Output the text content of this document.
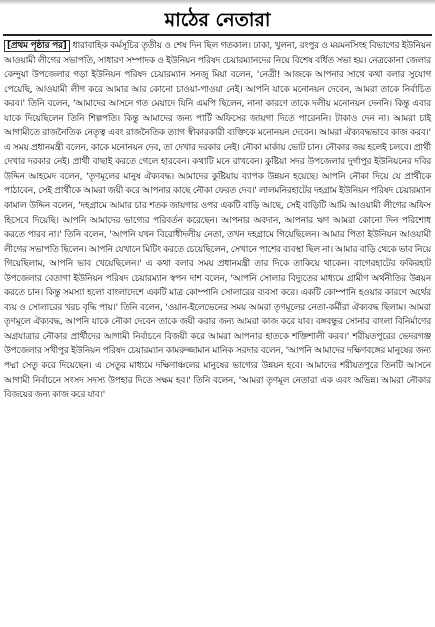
মাঠের নেতারা

[প্রথম পৃষ্ঠার পর] ধারাবাহিক কর্মসূচির তৃতীয় ও শেষ দিন ছিল গতকাল। ঢাকা, খুলনা, রংপুর ও ময়মনসিংহ বিভাগের ইউনিয়ন আওয়ামী লীগের সভাপতি, সাধারণ সম্পাদক ও ইউনিয়ন পরিষদ চেয়ারম্যানদের নিয়ে বিশেষ বর্ধিত সভা হয়। নেত্রকোনা জেলার কেন্দুয়া উপজেলার গড়া ইউনিয়ন পরিষদ চেয়ারম্যান সনজু মিয়া বলেন, 'নেত্রী! আজকে আপনার সাথে কথা বলার সুযোগ পেয়েছি, আওয়ামী লীগ করে আমার আর কোনো চাওয়া-পাওয়া নেই। আপনি যাকে মনোনয়ন দেবেন, আমরা তাকে নির্বাচিত করব।' তিনি বলেন, 'আমাদের আসনে গত মেয়াদে যিনি এমপি ছিলেন, নানা কারণে তাকে দলীয় মনোনয়ন দেননি। কিন্তু এবার যাকে দিয়েছিলেন তিনি শিল্পপতি। কিন্তু আমাদের জন্য পার্টি অফিসের জায়গা দিতে পারেননি। টাকাও দেন না। আমরা চাই আগামীতে রাজনৈতিক নেতৃত্ব এবং রাজনৈতিক ত্যাগ স্বীকারকারী ব্যক্তিকে মনোনয়ন দেবেন। আমরা ঐক্যবদ্ধভাবে কাজ করব।' এ সময় প্রধানমন্ত্রী বলেন, কাকে মনোনয়ন দেব, তা দেখার দরকার নেই। নৌকা মার্কায় ভোট চান। নৌকার জয় হলেই চলবে। প্রার্থী দেখার দরকার নেই। প্রার্থী বাছাই করতে গেলে হারবেন। কথাটি মনে রাখবেন। কুষ্টিয়া সদর উপজেলার দুর্গাপুর ইউনিয়নের দবির উদ্দিন আহমেদ বলেন, 'তৃণমূলের মানুষ ঐক্যবদ্ধ। আমাদের কুষ্টিয়ায় ব্যাপক উন্নয়ন হয়েছে। আপনি নৌকা দিয়ে যে প্রার্থীকে পাঠাবেন, সেই প্রার্থীকে আমরা জয়ী করে আপনার কাছে নৌকা ফেরত দেব।' লালমনিরহাটের দহগ্রাম ইউনিয়ন পরিষদ চেয়ারম্যান কামাল উদ্দিন বলেন, 'দহগ্রামে আমার চার শতক জায়গার ওপর একটি বাড়ি আছে, সেই বাড়িটি আমি আওয়ামী লীগের অফিস হিসেবে দিয়েছি। আপনি আমাদের ভাগ্যের পরিবর্তন করেছেন। আপনার অবদান, আপনার ঋণ আমরা কোনো দিন পরিশোধ করতে পারব না।' তিনি বলেন, 'আপনি যখন বিরোধীদলীয় নেতা, তখন দহগ্রামে গিয়েছিলেন। আমার পিতা ইউনিয়ন আওয়ামী লীগের সভাপতি ছিলেন। আপনি যেখানে মিটিং করতে চেয়েছিলেন, সেখানে পাশের ব্যবস্থা ছিল না। আমার বাড়ি থেকে ভাব নিয়ে গিয়েছিলাম, আপনি ভাব খেয়েছিলেন।' এ কথা বলার সময় প্রধানমন্ত্রী তার দিকে তাকিয়ে থাকেন। বাগেরহাটের ফকিরহাট উপজেলার বেতাগা ইউনিয়ন পরিষদ চেয়ারম্যান স্বপন দাশ বলেন, 'আপনি সোলার বিদ্যুতের মাধ্যমে গ্রামীণ অর্থনীতির উন্নয়ন করতে চান। কিন্তু সমস্যা হলো বাংলাদেশে একটি মাত্র কোম্পানি সোলারের ব্যবসা করে। একটি কোম্পানি হওয়ার কারণে অর্থের ব্যয় ও সোলারের খরচ বৃদ্ধি পায়।' তিনি বলেন, 'ওয়ান-ইলেভেনের সময় আমরা তৃণমূলের নেতা-কর্মীরা ঐক্যবদ্ধ ছিলাম। আমরা তৃণমূলে ঐক্যবদ্ধ, আপনি যাকে নৌকা দেবেন তাকে জয়ী করার জন্য আমরা কাজ করে যাব। বঙ্গবন্ধুর সোনার বাংলা বিনির্মাণের অগ্রযাত্রার নৌকার প্রার্থীদের আগামী নির্বাচনে বিজয়ী করে আমরা আপনার হাতকে শক্তিশালী করব।' শরীয়তপুরের ভেদরগঞ্জ উপজেলার সখীপুর ইউনিয়ন পরিষদ চেয়ারম্যান কামরুজ্জামান মানিক সরদার বলেন, 'আপনি আমাদের দক্ষিণবঙ্গের মানুষের জন্য পদ্মা সেতু করে দিয়েছেন। এ সেতুর মাধ্যমে দক্ষিণাঞ্চলের মানুষের ভাগ্যের উন্নয়ন হবে। আমাদের শরীয়তপুরে তিনটি আসনে আগামী নির্বাচনে সংসদ সদস্য উপহার দিতে সক্ষম হব।' তিনি বলেন, 'আমরা তৃণমূল নেতারা এক এবং অভিন্ন। আমরা নৌকার বিজয়ের জন্য কাজ করে যাব।'
